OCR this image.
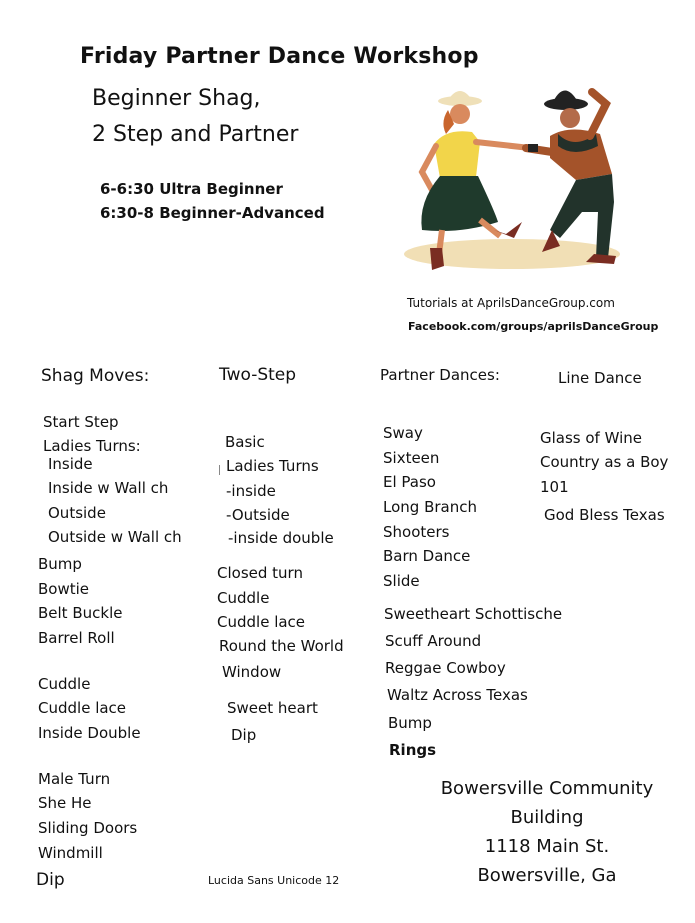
Friday Partner Dance Workshop
Beginner Shag,
2 Step and Partner
6-6:30 Ultra Beginner
6:30-8 Beginner-Advanced
Tutorials at AprilsDanceGroup.com
Facebook.com/groups/aprilsDanceGroup
Shag Moves:
Start Step
Ladies Turns:
Inside
Inside w Wall ch
Outside
Outside w Wall ch
Bump
Bowtie
Belt Buckle
Barrel Roll
Cuddle
Cuddle lace
Inside Double
Male Turn
She He
Sliding Doors
Windmill
Dip
Two-Step
Basic
Ladies Turns
-inside
-Outside
-inside double
Closed turn
Cuddle
Cuddle lace
Round the World
Window
Sweet heart
Dip
Partner Dances:
Sway
Sixteen
El Paso
Long Branch
Shooters
Barn Dance
Slide
Sweetheart Schottische
Scuff Around
Reggae Cowboy
Waltz Across Texas
Bump
Rings
Line Dance
Glass of Wine
Country as a Boy
101
God Bless Texas
Bowersville Community
Building
1118 Main St.
Bowersville, Ga
Lucida Sans Unicode 12
